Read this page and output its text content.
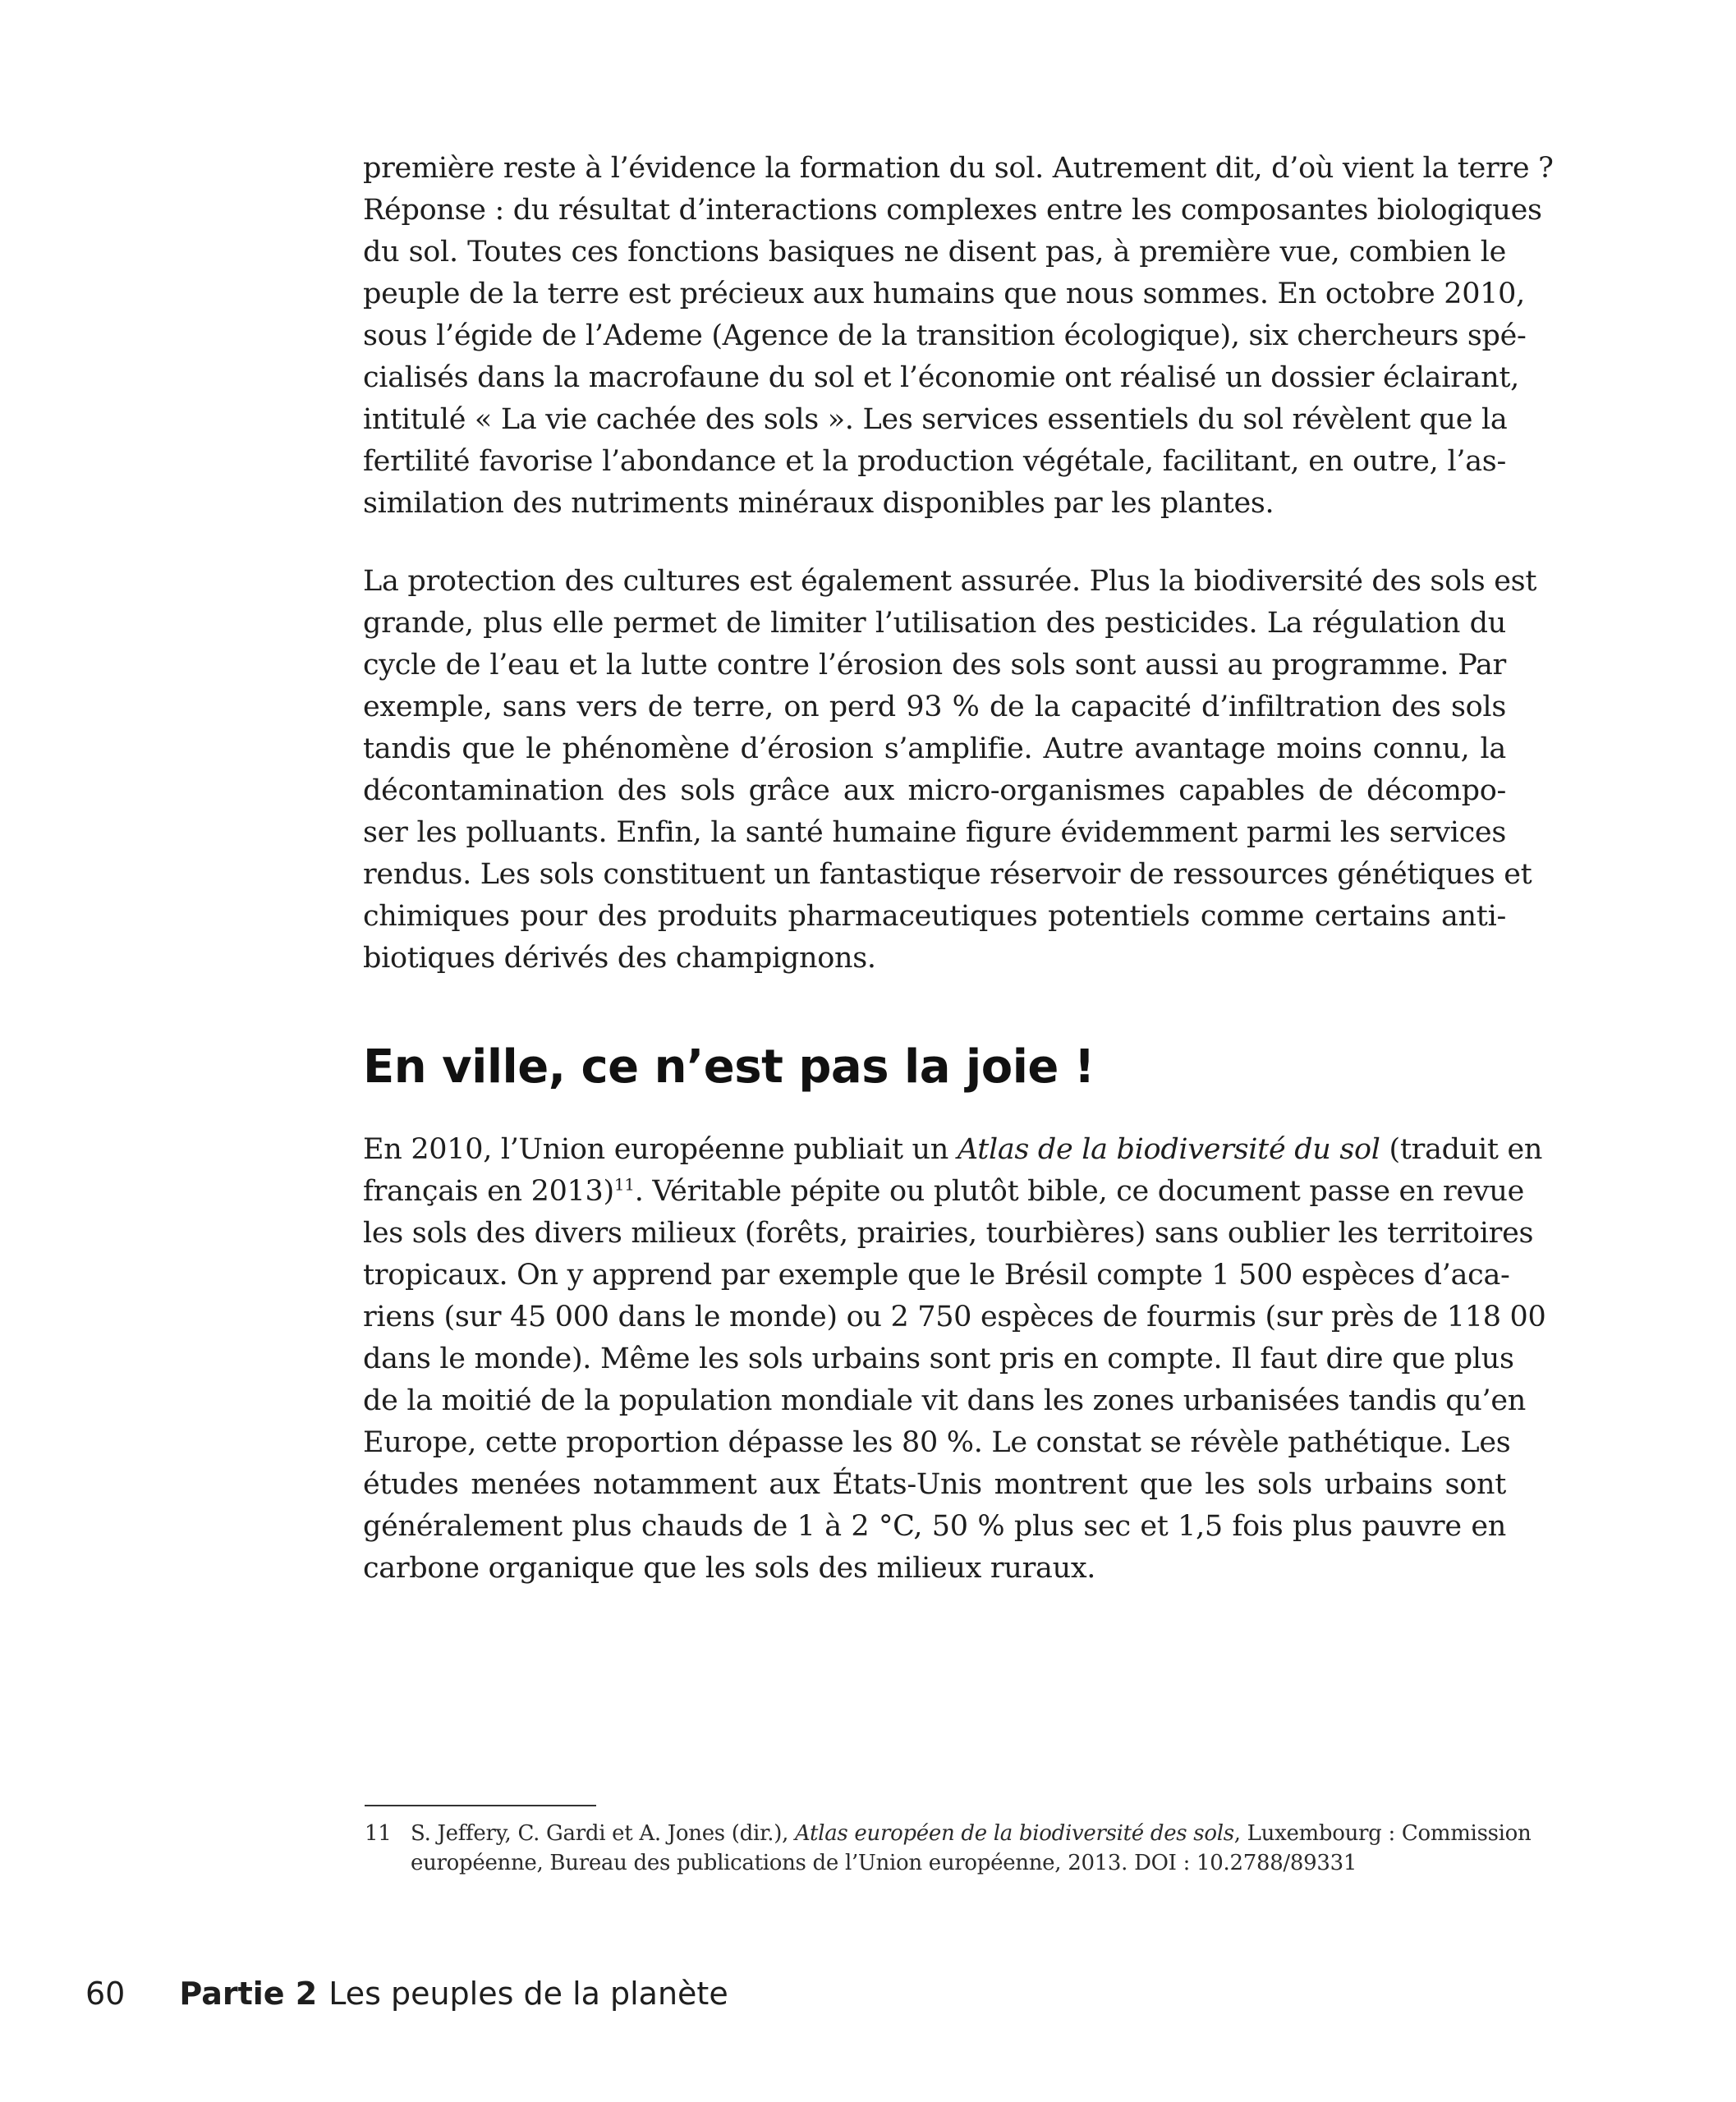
première reste à l’évidence la formation du sol. Autrement dit, d’où vient la terre ?
Réponse : du résultat d’interactions complexes entre les composantes biologiques
du sol. Toutes ces fonctions basiques ne disent pas, à première vue, combien le
peuple de la terre est précieux aux humains que nous sommes. En octobre 2010,
sous l’égide de l’Ademe (Agence de la transition écologique), six chercheurs spé-
cialisés dans la macrofaune du sol et l’économie ont réalisé un dossier éclairant,
intitulé « La vie cachée des sols ». Les services essentiels du sol révèlent que la
fertilité favorise l’abondance et la production végétale, facilitant, en outre, l’as-
similation des nutriments minéraux disponibles par les plantes.

La protection des cultures est également assurée. Plus la biodiversité des sols est
grande, plus elle permet de limiter l’utilisation des pesticides. La régulation du
cycle de l’eau et la lutte contre l’érosion des sols sont aussi au programme. Par
exemple, sans vers de terre, on perd 93 % de la capacité d’infiltration des sols
tandis que le phénomène d’érosion s’amplifie. Autre avantage moins connu, la
décontamination des sols grâce aux micro-organismes capables de décompo-
ser les polluants. Enfin, la santé humaine figure évidemment parmi les services
rendus. Les sols constituent un fantastique réservoir de ressources génétiques et
chimiques pour des produits pharmaceutiques potentiels comme certains anti-
biotiques dérivés des champignons.

En ville, ce n’est pas la joie !

En 2010, l’Union européenne publiait un Atlas de la biodiversité du sol (traduit en
français en 2013)$^{11}$. Véritable pépite ou plutôt bible, ce document passe en revue
les sols des divers milieux (forêts, prairies, tourbières) sans oublier les territoires
tropicaux. On y apprend par exemple que le Brésil compte 1 500 espèces d’aca-
riens (sur 45 000 dans le monde) ou 2 750 espèces de fourmis (sur près de 118 00
dans le monde). Même les sols urbains sont pris en compte. Il faut dire que plus
de la moitié de la population mondiale vit dans les zones urbanisées tandis qu’en
Europe, cette proportion dépasse les 80 %. Le constat se révèle pathétique. Les
études menées notamment aux États-Unis montrent que les sols urbains sont
généralement plus chauds de 1 à 2 °C, 50 % plus sec et 1,5 fois plus pauvre en
carbone organique que les sols des milieux ruraux.

11 S. Jeffery, C. Gardi et A. Jones (dir.), Atlas européen de la biodiversité des sols, Luxembourg : Commission
européenne, Bureau des publications de l’Union européenne, 2013. DOI : 10.2788/89331
60 Partie 2 Les peuples de la planète
